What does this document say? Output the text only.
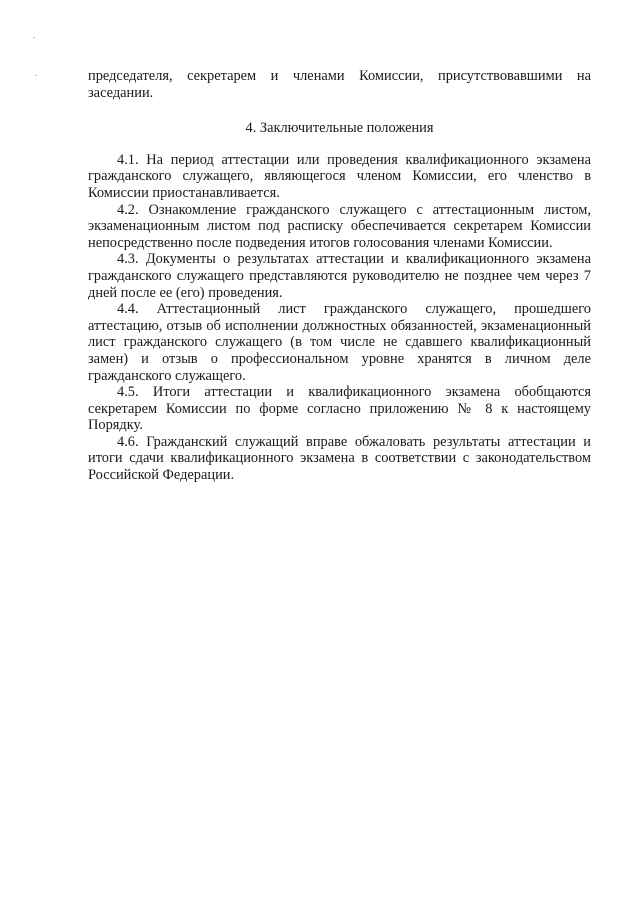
председателя, секретарем и членами Комиссии, присутствовавшими на заседании.

4. Заключительные положения

4.1. На период аттестации или проведения квалификационного экзамена гражданского служащего, являющегося членом Комиссии, его членство в Комиссии приостанавливается.

4.2. Ознакомление гражданского служащего с аттестационным листом, экзаменационным листом под расписку обеспечивается секретарем Комиссии непосредственно после подведения итогов голосования членами Комиссии.

4.3. Документы о результатах аттестации и квалификационного экзамена гражданского служащего представляются руководителю не позднее чем через 7 дней после ее (его) проведения.

4.4. Аттестационный лист гражданского служащего, прошедшего аттестацию, отзыв об исполнении должностных обязанностей, экзаменационный лист гражданского служащего (в том числе не сдавшего квалификационный замен) и отзыв о профессиональном уровне хранятся в личном деле гражданского служащего.

4.5. Итоги аттестации и квалификационного экзамена обобщаются секретарем Комиссии по форме согласно приложению № 8 к настоящему Порядку.

4.6. Гражданский служащий вправе обжаловать результаты аттестации и итоги сдачи квалификационного экзамена в соответствии с законодательством Российской Федерации.
